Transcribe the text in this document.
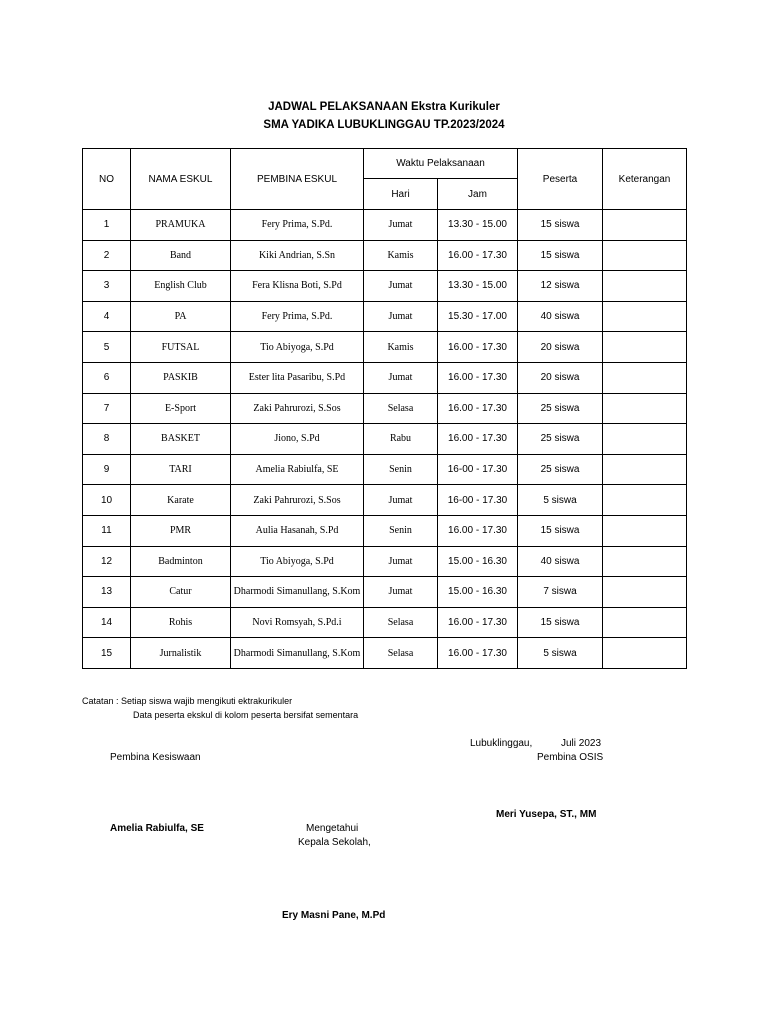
JADWAL PELAKSANAAN Ekstra Kurikuler
SMA YADIKA LUBUKLINGGAU TP.2023/2024
NO	NAMA ESKUL	PEMBINA ESKUL	Waktu Pelaksanaan		Peserta	Keterangan
			Hari	Jam		
1	PRAMUKA	Fery Prima, S.Pd.	Jumat	13.30 - 15.00	15 siswa	
2	Band	Kiki Andrian, S.Sn	Kamis	16.00 - 17.30	15 siswa	
3	English Club	Fera Klisna Boti, S.Pd	Jumat	13.30 - 15.00	12 siswa	
4	PA	Fery Prima, S.Pd.	Jumat	15.30 - 17.00	40 siswa	
5	FUTSAL	Tio Abiyoga, S.Pd	Kamis	16.00 - 17.30	20 siswa	
6	PASKIB	Ester lita Pasaribu, S.Pd	Jumat	16.00 - 17.30	20 siswa	
7	E-Sport	Zaki Pahrurozi, S.Sos	Selasa	16.00 - 17.30	25 siswa	
8	BASKET	Jiono, S.Pd	Rabu	16.00 - 17.30	25 siswa	
9	TARI	Amelia Rabiulfa, SE	Senin	16-00 - 17.30	25 siswa	
10	Karate	Zaki Pahrurozi, S.Sos	Jumat	16-00 - 17.30	5 siswa	
11	PMR	Aulia Hasanah, S.Pd	Senin	16.00 - 17.30	15 siswa	
12	Badminton	Tio Abiyoga, S.Pd	Jumat	15.00 - 16.30	40 siswa	
13	Catur	Dharmodi Simanullang, S.Kom	Jumat	15.00 - 16.30	7 siswa	
14	Rohis	Novi Romsyah, S.Pd.i	Selasa	16.00 - 17.30	15 siswa	
15	Jurnalistik	Dharmodi Simanullang, S.Kom	Selasa	16.00 - 17.30	5 siswa	
Catatan : Setiap siswa wajib mengikuti ektrakurikuler
Data peserta ekskul di kolom peserta bersifat sementara
Lubuklinggau,	Juli 2023
Pembina Kesiswaan	Pembina OSIS
Meri Yusepa, ST., MM
Amelia Rabiulfa, SE	Mengetahui
Kepala Sekolah,
Ery Masni Pane, M.Pd
